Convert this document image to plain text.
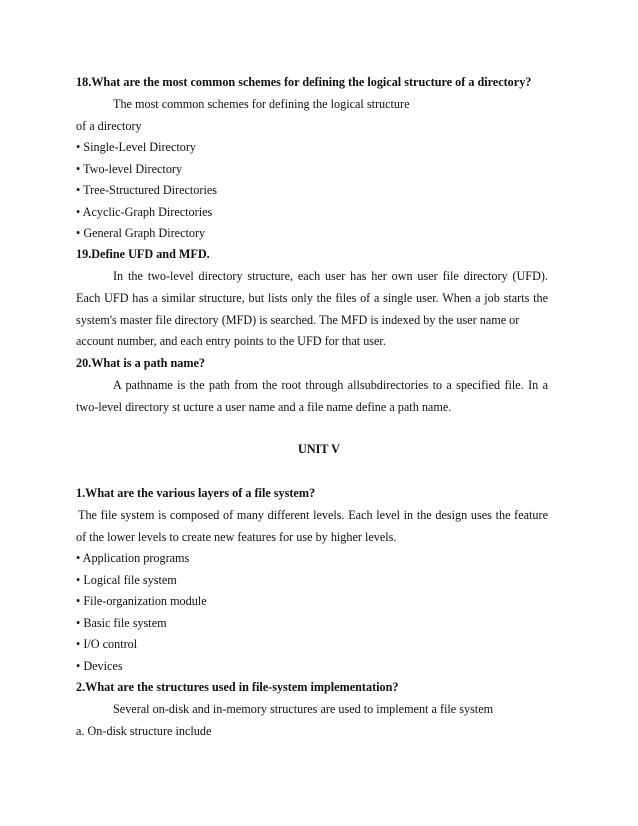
18.What are the most common schemes for defining the logical structure of a directory?
The most common schemes for defining the logical structure
of a directory
• Single-Level Directory
• Two-level Directory
• Tree-Structured Directories
• Acyclic-Graph Directories
• General Graph Directory
19.Define UFD and MFD.
In the two-level directory structure, each user has her own user file directory (UFD).
Each UFD has a similar structure, but lists only the files of a single user. When a job starts the
system's master file directory (MFD) is searched. The MFD is indexed by the user name or
account number, and each entry points to the UFD for that user.
20.What is a path name?
A pathname is the path from the root through allsubdirectories to a specified file. In a
two-level directory st ucture a user name and a file name define a path name.
UNIT V
1.What are the various layers of a file system?
The file system is composed of many different levels. Each level in the design uses the feature
of the lower levels to create new features for use by higher levels.
• Application programs
• Logical file system
• File-organization module
• Basic file system
• I/O control
• Devices
2.What are the structures used in file-system implementation?
Several on-disk and in-memory structures are used to implement a file system
a. On-disk structure include
